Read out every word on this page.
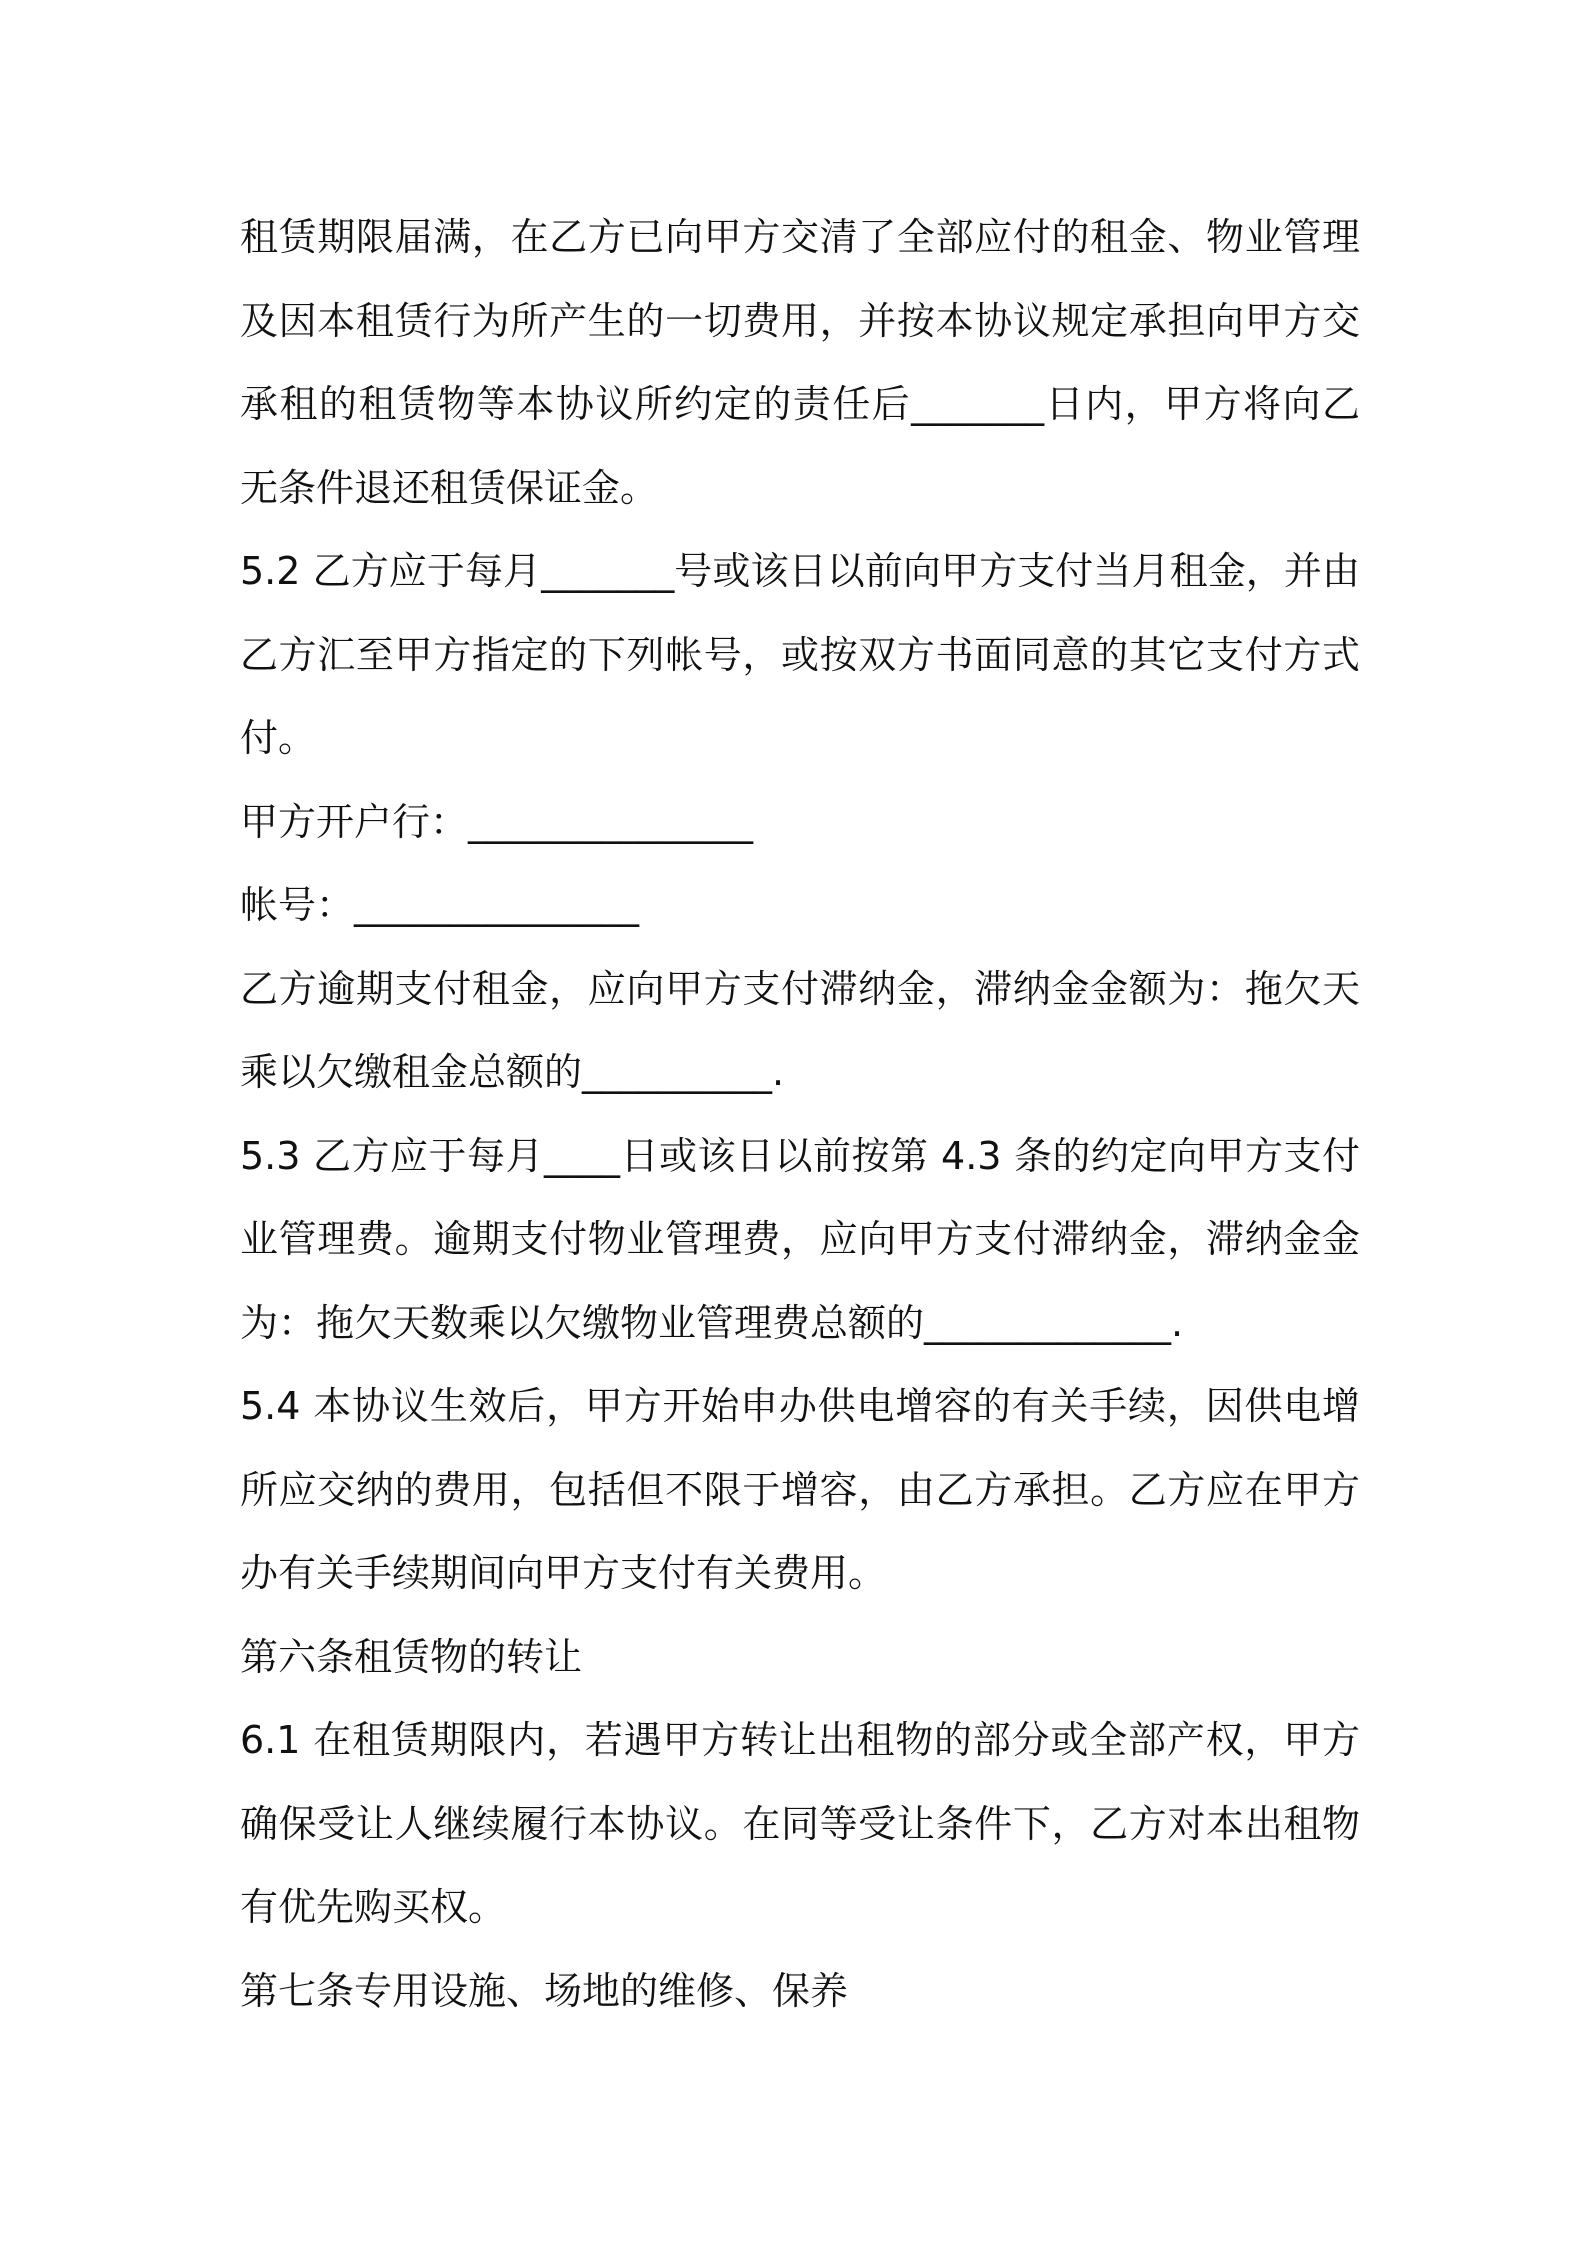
租赁期限届满，在乙方已向甲方交清了全部应付的租金、物业管理
及因本租赁行为所产生的一切费用，并按本协议规定承担向甲方交
承租的租赁物等本协议所约定的责任后_______日内，甲方将向乙
无条件退还租赁保证金。
5.2 乙方应于每月_______号或该日以前向甲方支付当月租金，并由
乙方汇至甲方指定的下列帐号，或按双方书面同意的其它支付方式
付。
甲方开户行：_______________
帐号：_______________
乙方逾期支付租金，应向甲方支付滞纳金，滞纳金金额为：拖欠天
乘以欠缴租金总额的__________.
5.3 乙方应于每月____日或该日以前按第 4.3 条的约定向甲方支付
业管理费。逾期支付物业管理费，应向甲方支付滞纳金，滞纳金金
为：拖欠天数乘以欠缴物业管理费总额的_____________.
5.4 本协议生效后，甲方开始申办供电增容的有关手续，因供电增
所应交纳的费用，包括但不限于增容，由乙方承担。乙方应在甲方
办有关手续期间向甲方支付有关费用。
第六条租赁物的转让
6.1 在租赁期限内，若遇甲方转让出租物的部分或全部产权，甲方
确保受让人继续履行本协议。在同等受让条件下，乙方对本出租物
有优先购买权。
第七条专用设施、场地的维修、保养
